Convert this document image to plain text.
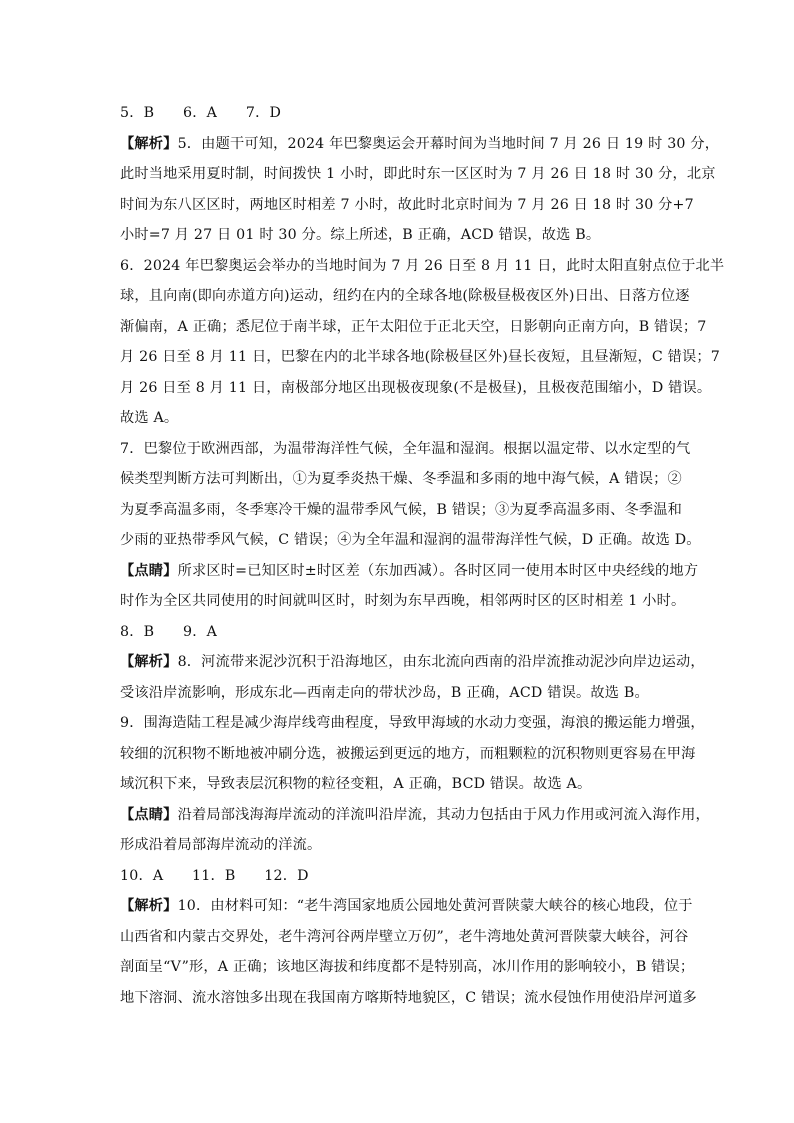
5．B　　6．A　　7．D
【解析】5．由题干可知，2024 年巴黎奥运会开幕时间为当地时间 7 月 26 日 19 时 30 分，
此时当地采用夏时制，时间拨快 1 小时，即此时东一区区时为 7 月 26 日 18 时 30 分，北京
时间为东八区区时，两地区时相差 7 小时，故此时北京时间为 7 月 26 日 18 时 30 分+7
小时=7 月 27 日 01 时 30 分。综上所述，B 正确，ACD 错误，故选 B。
6．2024 年巴黎奥运会举办的当地时间为 7 月 26 日至 8 月 11 日，此时太阳直射点位于北半
球，且向南(即向赤道方向)运动，纽约在内的全球各地(除极昼极夜区外)日出、日落方位逐
渐偏南，A 正确；悉尼位于南半球，正午太阳位于正北天空，日影朝向正南方向，B 错误；7
月 26 日至 8 月 11 日，巴黎在内的北半球各地(除极昼区外)昼长夜短，且昼渐短，C 错误；7
月 26 日至 8 月 11 日，南极部分地区出现极夜现象(不是极昼)，且极夜范围缩小，D 错误。
故选 A。
7．巴黎位于欧洲西部，为温带海洋性气候，全年温和湿润。根据以温定带、以水定型的气
候类型判断方法可判断出，①为夏季炎热干燥、冬季温和多雨的地中海气候，A 错误；②
为夏季高温多雨，冬季寒冷干燥的温带季风气候，B 错误；③为夏季高温多雨、冬季温和
少雨的亚热带季风气候，C 错误；④为全年温和湿润的温带海洋性气候，D 正确。故选 D。
【点睛】所求区时=已知区时±时区差（东加西减）。各时区同一使用本时区中央经线的地方
时作为全区共同使用的时间就叫区时，时刻为东早西晚，相邻两时区的区时相差 1 小时。
8．B　　9．A
【解析】8．河流带来泥沙沉积于沿海地区，由东北流向西南的沿岸流推动泥沙向岸边运动，
受该沿岸流影响，形成东北—西南走向的带状沙岛，B 正确，ACD 错误。故选 B。
9．围海造陆工程是减少海岸线弯曲程度，导致甲海域的水动力变强，海浪的搬运能力增强，
较细的沉积物不断地被冲刷分选，被搬运到更远的地方，而粗颗粒的沉积物则更容易在甲海
域沉积下来，导致表层沉积物的粒径变粗，A 正确，BCD 错误。故选 A。
【点睛】沿着局部浅海海岸流动的洋流叫沿岸流，其动力包括由于风力作用或河流入海作用，
形成沿着局部海岸流动的洋流。
10．A　　11．B　　12．D
【解析】10．由材料可知：“老牛湾国家地质公园地处黄河晋陕蒙大峡谷的核心地段，位于
山西省和内蒙古交界处，老牛湾河谷两岸壁立万仞”，老牛湾地处黄河晋陕蒙大峡谷，河谷
剖面呈“V”形，A 正确；该地区海拔和纬度都不是特别高，冰川作用的影响较小，B 错误；
地下溶洞、流水溶蚀多出现在我国南方喀斯特地貌区，C 错误；流水侵蚀作用使沿岸河道多
